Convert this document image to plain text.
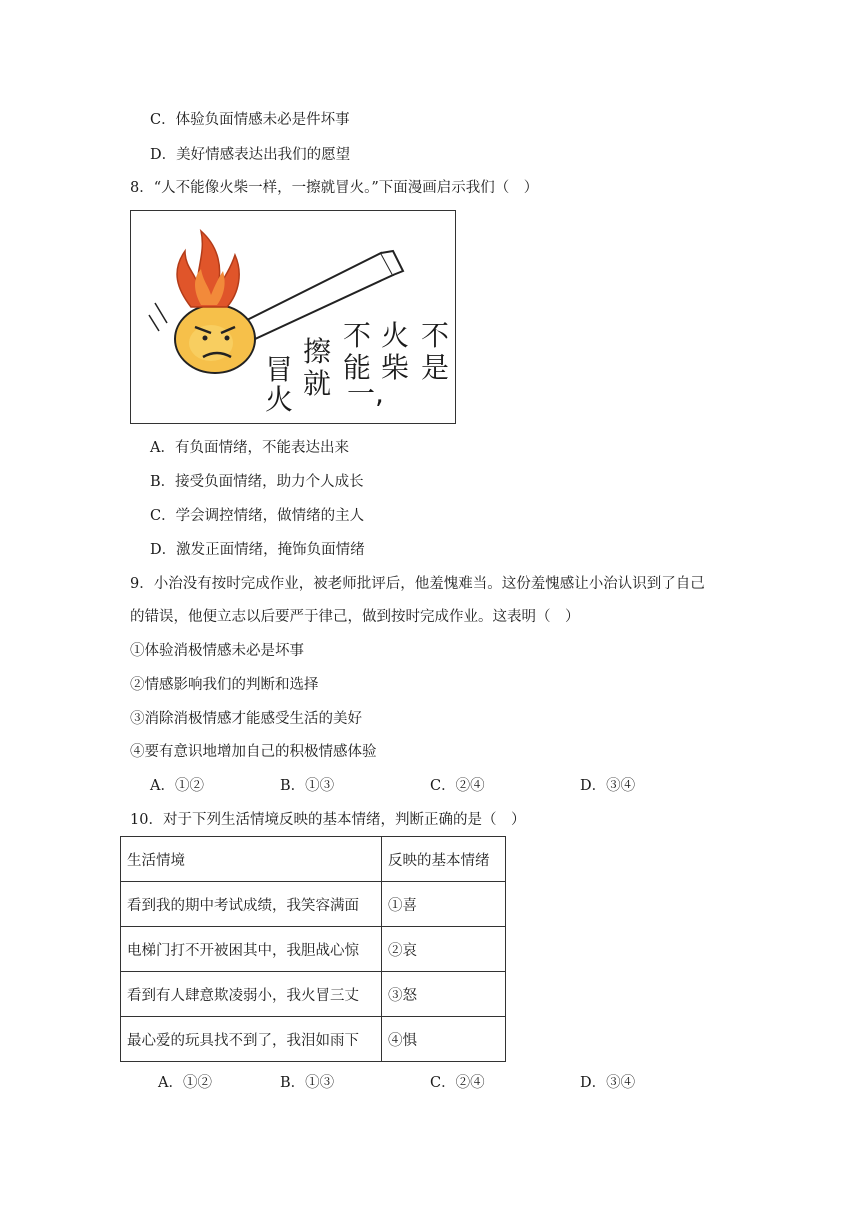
C．体验负面情感未必是件坏事
D．美好情感表达出我们的愿望
8．“人不能像火柴一样，一擦就冒火。”下面漫画启示我们（　）
不
是
火
柴
不
能
一,
擦
就
冒
火
A．有负面情绪，不能表达出来
B．接受负面情绪，助力个人成长
C．学会调控情绪，做情绪的主人
D．激发正面情绪，掩饰负面情绪
9．小治没有按时完成作业，被老师批评后，他羞愧难当。这份羞愧感让小治认识到了自己
的错误，他便立志以后要严于律己，做到按时完成作业。这表明（　）
①体验消极情感未必是坏事
②情感影响我们的判断和选择
③消除消极情感才能感受生活的美好
④要有意识地增加自己的积极情感体验
A．①②	B．①③	C．②④	D．③④
10．对于下列生活情境反映的基本情绪，判断正确的是（　）
生活情境	反映的基本情绪
看到我的期中考试成绩，我笑容满面	①喜
电梯门打不开被困其中，我胆战心惊	②哀
看到有人肆意欺凌弱小，我火冒三丈	③怒
最心爱的玩具找不到了，我泪如雨下	④惧
A．①②	B．①③	C．②④	D．③④
